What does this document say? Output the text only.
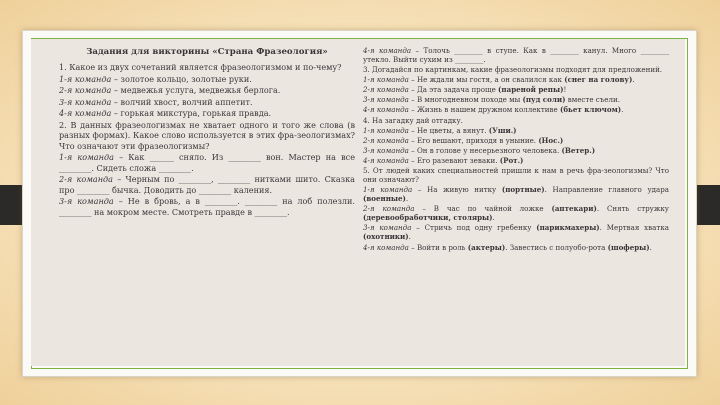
Задания для викторины «Страна Фразеология»

1. Какое из двух сочетаний является фразеологизмом и по-чему?

1-я команда – золотое кольцо, золотые руки.

2-я команда – медвежья услуга, медвежья берлога.

3-я команда – волчий хвост, волчий аппетит.

4-я команда – горькая микстура, горькая правда.

2. В данных фразеологизмах не хватает одного и того же слова (в разных формах). Какое слово используется в этих фра-зеологизмах? Что означают эти фразеологизмы?

1-я команда – Как ______ сняло. Из ________ вон. Мастер на все ________. Сидеть сложа ________.

2-я команда – Черным по ________, ________ нитками шито. Сказка про ________ бычка. Доводить до ________ каления.

3-я команда – Не в бровь, а в ________. ________ на лоб полезли. ________ на мокром месте. Смотреть правде в ________.

4-я команда – Толочь ________ в ступе. Как в ________ канул. Много ________ утекло. Выйти сухим из ________.

3. Догадайся по картинкам, какие фразеологизмы подходят для предложений.

1-я команда – Не ждали мы гостя, а он свалился как (снег на голову).

2-я команда – Да эта задача проще (пареной репы)!

3-я команда – В многодневном походе мы (пуд соли) вместе съели.

4-я команда – Жизнь в нашем дружном коллективе (бьет ключом).

4. На загадку дай отгадку.

1-я команда – Не цветы, а вянут. (Уши.)

2-я команда – Его вешают, приходя в уныние. (Нос.)

3-я команда – Он в голове у несерьезного человека. (Ветер.)

4-я команда – Его разевают зеваки. (Рот.)

5. От людей каких специальностей пришли к нам в речь фра-зеологизмы? Что они означают?

1-я команда – На живую нитку (портные). Направление главного удара (военные).

2-я команда – В час по чайной ложке (аптекари). Снять стружку (деревообработчики, столяры).

3-я команда – Стричь под одну гребенку (парикмахеры). Мертвая хватка (охотники).

4-я команда – Войти в роль (актеры). Завестись с полуобо-рота (шоферы).
